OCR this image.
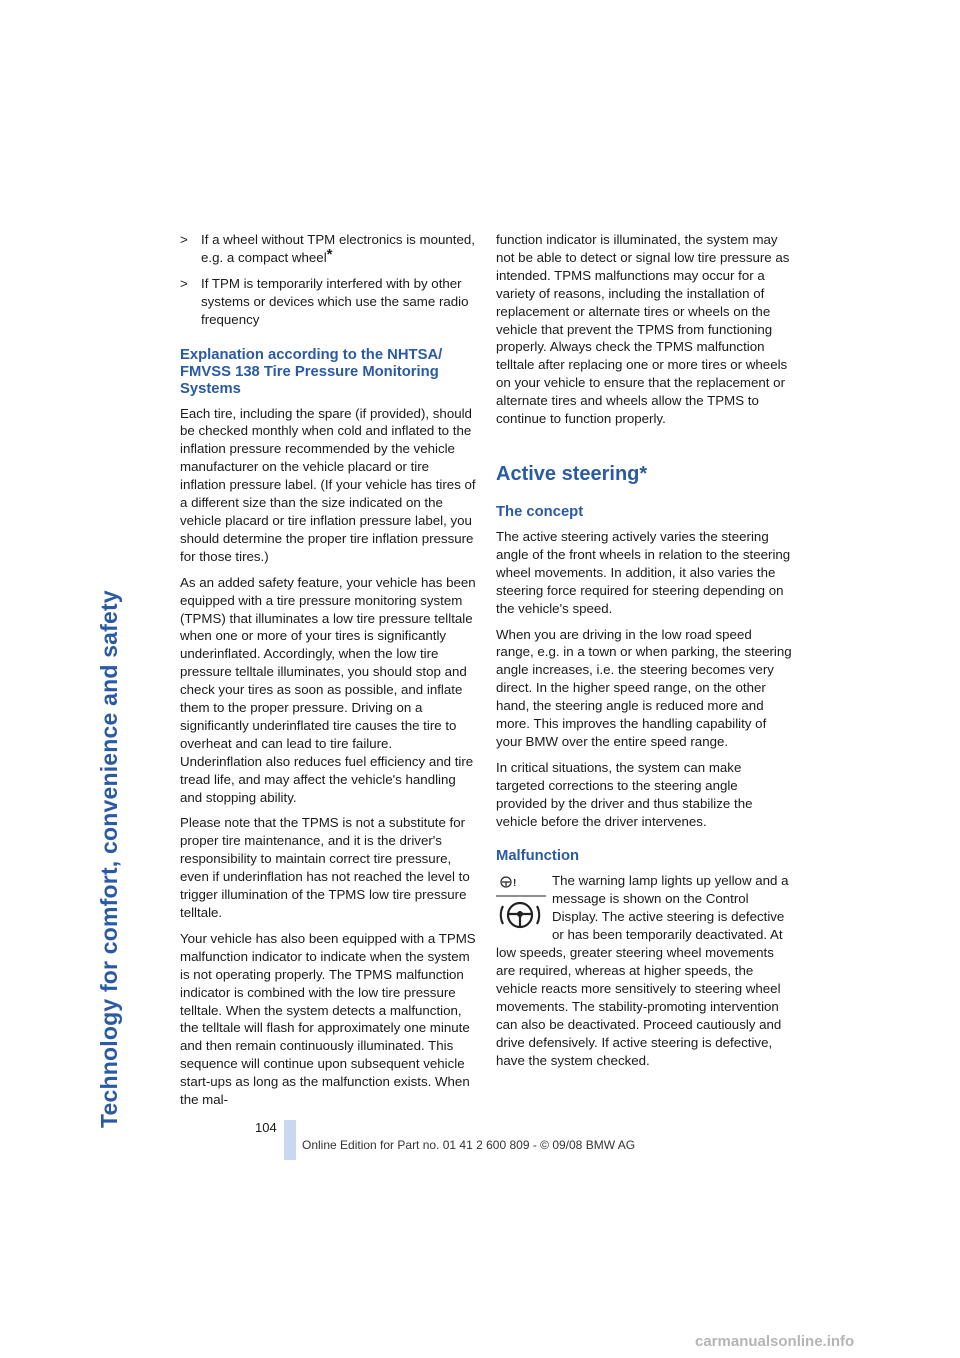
Technology for comfort, convenience and safety
> If a wheel without TPM electronics is mounted, e.g. a compact wheel*
> If TPM is temporarily interfered with by other systems or devices which use the same radio frequency
Explanation according to the NHTSA/ FMVSS 138 Tire Pressure Monitoring Systems

Each tire, including the spare (if provided), should be checked monthly when cold and inflated to the inflation pressure recommended by the vehicle manufacturer on the vehicle placard or tire inflation pressure label. (If your vehicle has tires of a different size than the size indicated on the vehicle placard or tire inflation pressure label, you should determine the proper tire inflation pressure for those tires.)

As an added safety feature, your vehicle has been equipped with a tire pressure monitoring system (TPMS) that illuminates a low tire pressure telltale when one or more of your tires is significantly underinflated. Accordingly, when the low tire pressure telltale illuminates, you should stop and check your tires as soon as possible, and inflate them to the proper pressure. Driving on a significantly underinflated tire causes the tire to overheat and can lead to tire failure. Underinflation also reduces fuel efficiency and tire tread life, and may affect the vehicle's handling and stopping ability.

Please note that the TPMS is not a substitute for proper tire maintenance, and it is the driver's responsibility to maintain correct tire pressure, even if underinflation has not reached the level to trigger illumination of the TPMS low tire pressure telltale.

Your vehicle has also been equipped with a TPMS malfunction indicator to indicate when the system is not operating properly. The TPMS malfunction indicator is combined with the low tire pressure telltale. When the system detects a malfunction, the telltale will flash for approximately one minute and then remain continuously illuminated. This sequence will continue upon subsequent vehicle start-ups as long as the malfunction exists. When the mal-

function indicator is illuminated, the system may not be able to detect or signal low tire pressure as intended. TPMS malfunctions may occur for a variety of reasons, including the installation of replacement or alternate tires or wheels on the vehicle that prevent the TPMS from functioning properly. Always check the TPMS malfunction telltale after replacing one or more tires or wheels on your vehicle to ensure that the replacement or alternate tires and wheels allow the TPMS to continue to function properly.

Active steering*
The concept

The active steering actively varies the steering angle of the front wheels in relation to the steering wheel movements. In addition, it also varies the steering force required for steering depending on the vehicle's speed.

When you are driving in the low road speed range, e.g. in a town or when parking, the steering angle increases, i.e. the steering becomes very direct. In the higher speed range, on the other hand, the steering angle is reduced more and more. This improves the handling capability of your BMW over the entire speed range.

In critical situations, the system can make targeted corrections to the steering angle provided by the driver and thus stabilize the vehicle before the driver intervenes.

Malfunction
!	The warning lamp lights up yellow and a message is shown on the Control Display. The active steering is defective or has been temporarily deactivated. At low speeds, greater steering wheel movements are required, whereas at higher speeds, the vehicle reacts more sensitively to steering wheel movements. The stability-promoting intervention can also be deactivated. Proceed cautiously and drive defensively. If active steering is defective, have the system checked.

104
Online Edition for Part no. 01 41 2 600 809 - © 09/08 BMW AG
carmanualsonline.info
